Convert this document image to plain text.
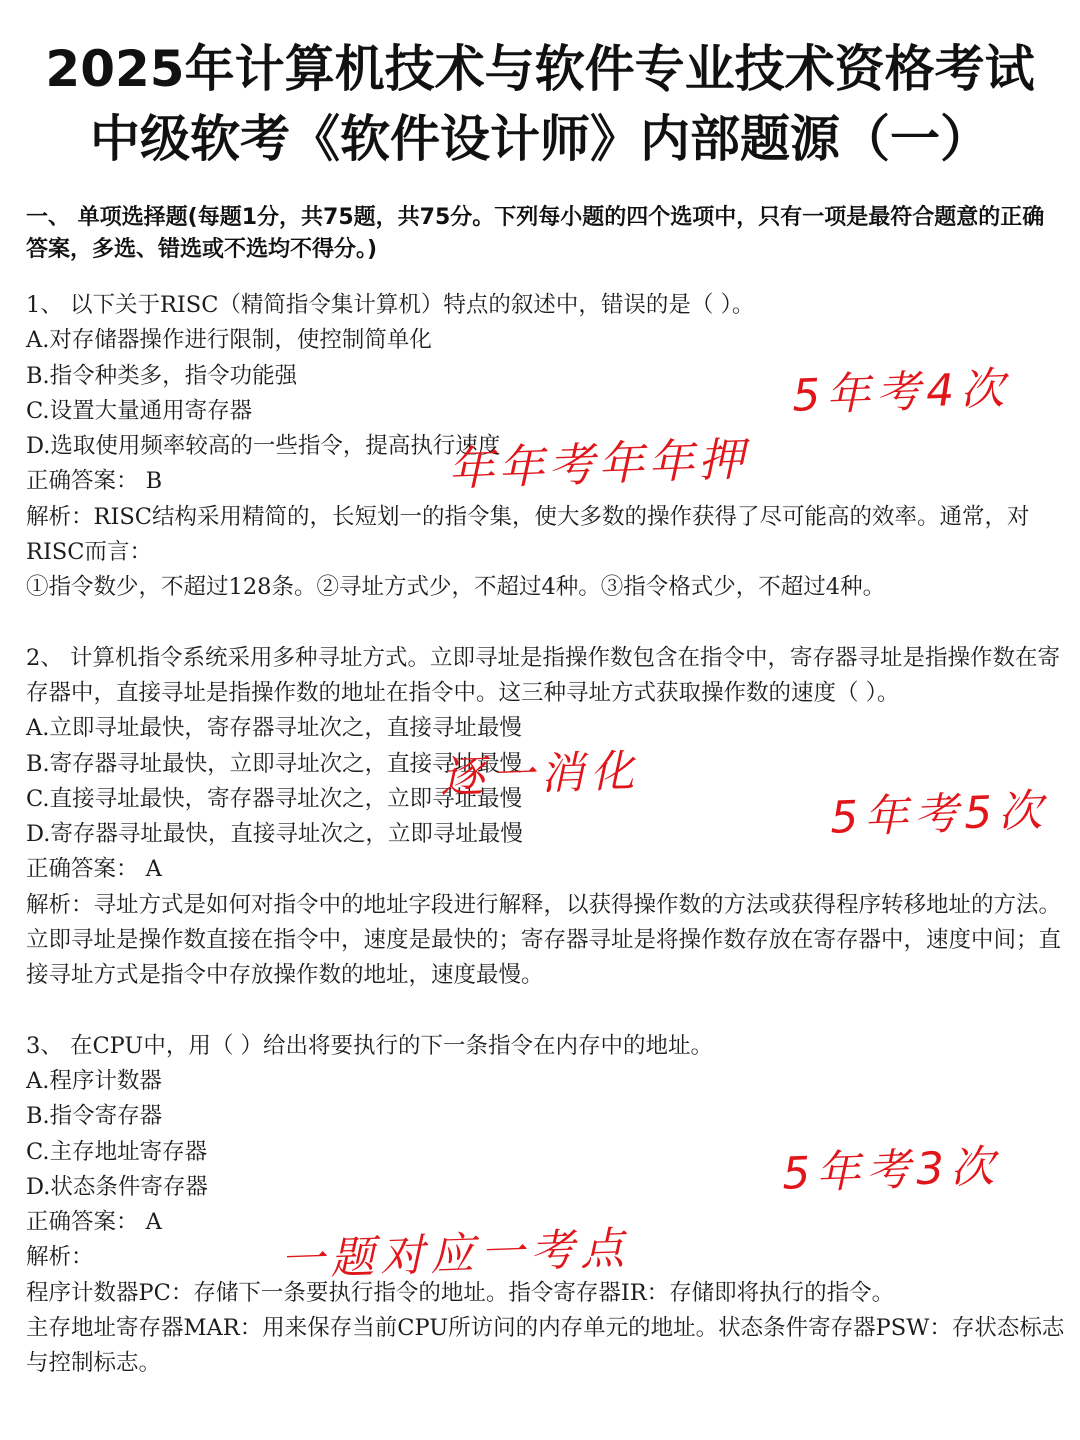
2025年计算机技术与软件专业技术资格考试
中级软考《软件设计师》内部题源（一）
一、 单项选择题(每题1分，共75题，共75分。下列每小题的四个选项中，只有一项是最符合题意的正确答案，多选、错选或不选均不得分。)

1、 以下关于RISC（精简指令集计算机）特点的叙述中，错误的是（ ）。

A.对存储器操作进行限制，使控制简单化

B.指令种类多，指令功能强

C.设置大量通用寄存器

D.选取使用频率较高的一些指令，提高执行速度

正确答案： B

解析：RISC结构采用精简的，长短划一的指令集，使大多数的操作获得了尽可能高的效率。通常，对RISC而言：

①指令数少，不超过128条。②寻址方式少，不超过4种。③指令格式少，不超过4种。

2、 计算机指令系统采用多种寻址方式。立即寻址是指操作数包含在指令中，寄存器寻址是指操作数在寄存器中，直接寻址是指操作数的地址在指令中。这三种寻址方式获取操作数的速度（ ）。

A.立即寻址最快，寄存器寻址次之，直接寻址最慢

B.寄存器寻址最快，立即寻址次之，直接寻址最慢

C.直接寻址最快，寄存器寻址次之，立即寻址最慢

D.寄存器寻址最快，直接寻址次之，立即寻址最慢

正确答案： A

解析：寻址方式是如何对指令中的地址字段进行解释，以获得操作数的方法或获得程序转移地址的方法。立即寻址是操作数直接在指令中，速度是最快的；寄存器寻址是将操作数存放在寄存器中，速度中间；直接寻址方式是指令中存放操作数的地址，速度最慢。

3、 在CPU中，用（ ）给出将要执行的下一条指令在内存中的地址。

A.程序计数器

B.指令寄存器

C.主存地址寄存器

D.状态条件寄存器

正确答案： A

解析：

程序计数器PC：存储下一条要执行指令的地址。指令寄存器IR：存储即将执行的指令。

主存地址寄存器MAR：用来保存当前CPU所访问的内存单元的地址。状态条件寄存器PSW：存状态标志与控制标志。

5年考4次
年年考年年押
逐一消化
5年考5次
5年考3次
一题对应一考点
